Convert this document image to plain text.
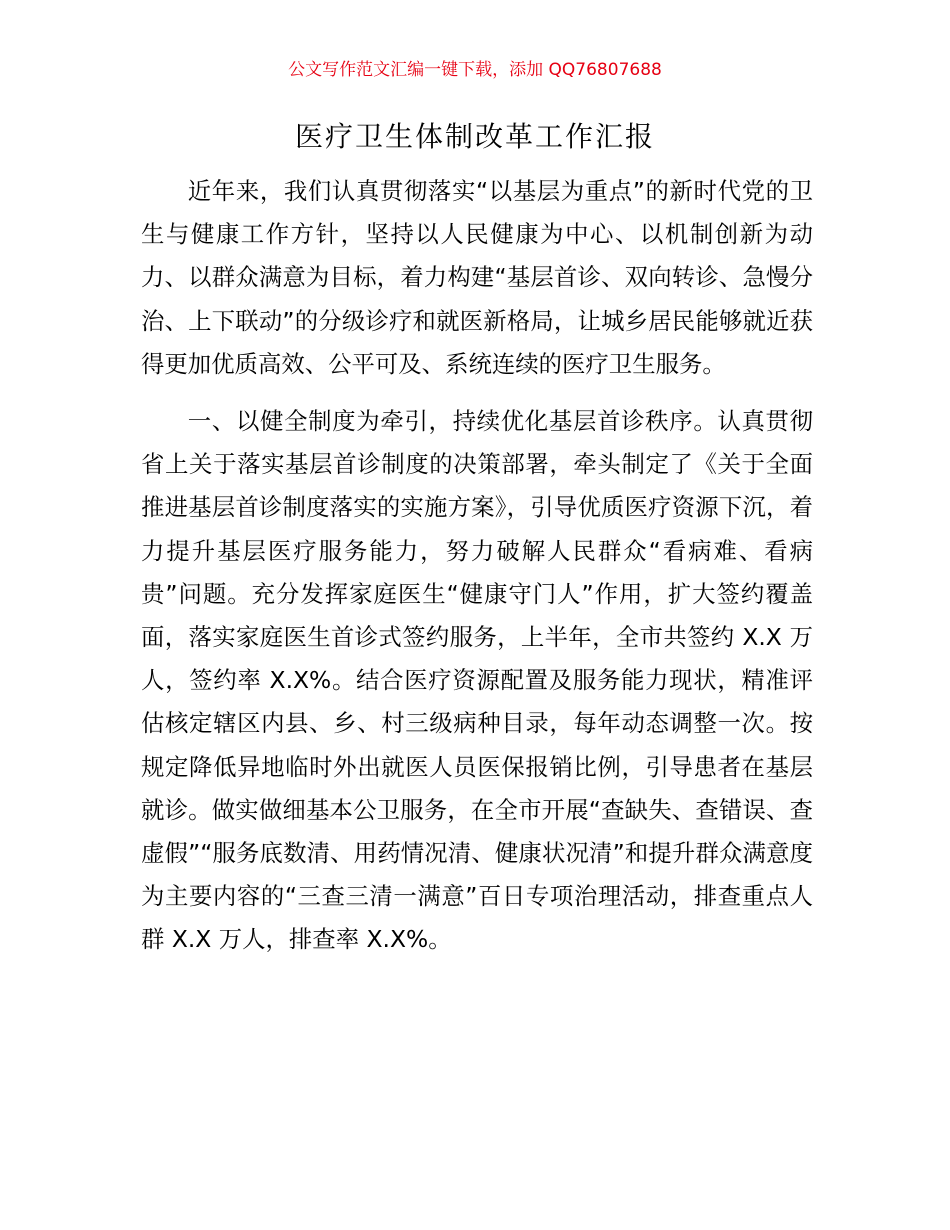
公文写作范文汇编一键下载，添加 QQ76807688
医疗卫生体制改革工作汇报

近年来，我们认真贯彻落实“以基层为重点”的新时代党的卫生与健康工作方针，坚持以人民健康为中心、以机制创新为动力、以群众满意为目标，着力构建“基层首诊、双向转诊、急慢分治、上下联动”的分级诊疗和就医新格局，让城乡居民能够就近获得更加优质高效、公平可及、系统连续的医疗卫生服务。

一、以健全制度为牵引，持续优化基层首诊秩序。认真贯彻省上关于落实基层首诊制度的决策部署，牵头制定了《关于全面推进基层首诊制度落实的实施方案》，引导优质医疗资源下沉，着力提升基层医疗服务能力，努力破解人民群众“看病难、看病贵”问题。充分发挥家庭医生“健康守门人”作用，扩大签约覆盖面，落实家庭医生首诊式签约服务，上半年，全市共签约 X.X 万人，签约率 X.X%。结合医疗资源配置及服务能力现状，精准评估核定辖区内县、乡、村三级病种目录，每年动态调整一次。按规定降低异地临时外出就医人员医保报销比例，引导患者在基层就诊。做实做细基本公卫服务，在全市开展“查缺失、查错误、查虚假”“服务底数清、用药情况清、健康状况清”和提升群众满意度为主要内容的“三查三清一满意”百日专项治理活动，排查重点人群 X.X 万人，排查率 X.X%。
